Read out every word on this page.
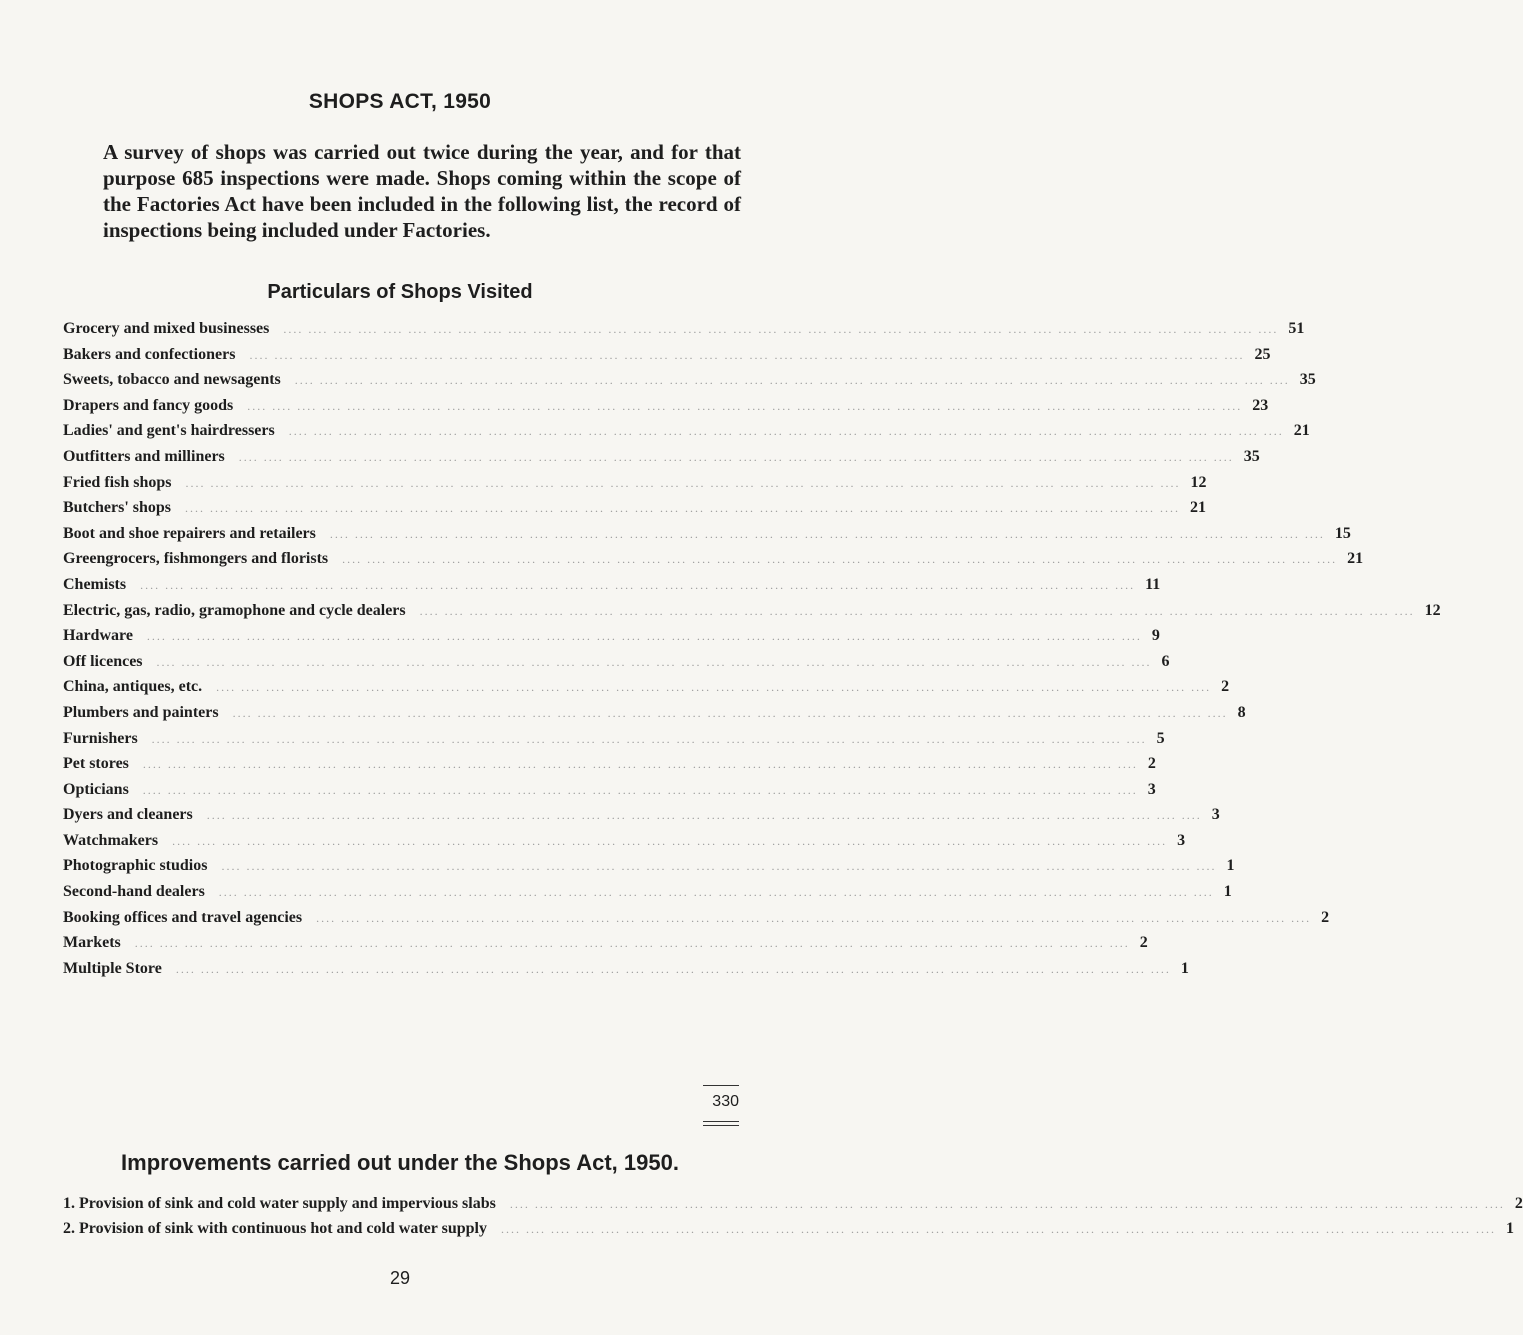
SHOPS ACT, 1950
A survey of shops was carried out twice during the year, and for that purpose 685 inspections were made. Shops coming within the scope of the Factories Act have been included in the following list, the record of inspections being included under Factories.
Particulars of Shops Visited
Grocery and mixed businesses .... .... .... .... .... .... .... .... .... .... .... .... .... .... .... .... .... .... .... .... .... .... .... .... .... .... .... .... .... .... .... .... .... .... .... .... .... .... .... .... 51
Bakers and confectioners .... .... .... .... .... .... .... .... .... .... .... .... .... .... .... .... .... .... .... .... .... .... .... .... .... .... .... .... .... .... .... .... .... .... .... .... .... .... .... .... 25
Sweets, tobacco and newsagents .... .... .... .... .... .... .... .... .... .... .... .... .... .... .... .... .... .... .... .... .... .... .... .... .... .... .... .... .... .... .... .... .... .... .... .... .... .... .... .... 35
Drapers and fancy goods .... .... .... .... .... .... .... .... .... .... .... .... .... .... .... .... .... .... .... .... .... .... .... .... .... .... .... .... .... .... .... .... .... .... .... .... .... .... .... .... 23
Ladies' and gent's hairdressers .... .... .... .... .... .... .... .... .... .... .... .... .... .... .... .... .... .... .... .... .... .... .... .... .... .... .... .... .... .... .... .... .... .... .... .... .... .... .... .... 21
Outfitters and milliners .... .... .... .... .... .... .... .... .... .... .... .... .... .... .... .... .... .... .... .... .... .... .... .... .... .... .... .... .... .... .... .... .... .... .... .... .... .... .... .... 35
Fried fish shops .... .... .... .... .... .... .... .... .... .... .... .... .... .... .... .... .... .... .... .... .... .... .... .... .... .... .... .... .... .... .... .... .... .... .... .... .... .... .... .... 12
Butchers' shops .... .... .... .... .... .... .... .... .... .... .... .... .... .... .... .... .... .... .... .... .... .... .... .... .... .... .... .... .... .... .... .... .... .... .... .... .... .... .... .... 21
Boot and shoe repairers and retailers .... .... .... .... .... .... .... .... .... .... .... .... .... .... .... .... .... .... .... .... .... .... .... .... .... .... .... .... .... .... .... .... .... .... .... .... .... .... .... .... 15
Greengrocers, fishmongers and florists .... .... .... .... .... .... .... .... .... .... .... .... .... .... .... .... .... .... .... .... .... .... .... .... .... .... .... .... .... .... .... .... .... .... .... .... .... .... .... .... 21
Chemists .... .... .... .... .... .... .... .... .... .... .... .... .... .... .... .... .... .... .... .... .... .... .... .... .... .... .... .... .... .... .... .... .... .... .... .... .... .... .... .... 11
Electric, gas, radio, gramophone and cycle dealers .... .... .... .... .... .... .... .... .... .... .... .... .... .... .... .... .... .... .... .... .... .... .... .... .... .... .... .... .... .... .... .... .... .... .... .... .... .... .... .... 12
Hardware .... .... .... .... .... .... .... .... .... .... .... .... .... .... .... .... .... .... .... .... .... .... .... .... .... .... .... .... .... .... .... .... .... .... .... .... .... .... .... .... 9
Off licences .... .... .... .... .... .... .... .... .... .... .... .... .... .... .... .... .... .... .... .... .... .... .... .... .... .... .... .... .... .... .... .... .... .... .... .... .... .... .... .... 6
China, antiques, etc. .... .... .... .... .... .... .... .... .... .... .... .... .... .... .... .... .... .... .... .... .... .... .... .... .... .... .... .... .... .... .... .... .... .... .... .... .... .... .... .... 2
Plumbers and painters .... .... .... .... .... .... .... .... .... .... .... .... .... .... .... .... .... .... .... .... .... .... .... .... .... .... .... .... .... .... .... .... .... .... .... .... .... .... .... .... 8
Furnishers .... .... .... .... .... .... .... .... .... .... .... .... .... .... .... .... .... .... .... .... .... .... .... .... .... .... .... .... .... .... .... .... .... .... .... .... .... .... .... .... 5
Pet stores .... .... .... .... .... .... .... .... .... .... .... .... .... .... .... .... .... .... .... .... .... .... .... .... .... .... .... .... .... .... .... .... .... .... .... .... .... .... .... .... 2
Opticians .... .... .... .... .... .... .... .... .... .... .... .... .... .... .... .... .... .... .... .... .... .... .... .... .... .... .... .... .... .... .... .... .... .... .... .... .... .... .... .... 3
Dyers and cleaners .... .... .... .... .... .... .... .... .... .... .... .... .... .... .... .... .... .... .... .... .... .... .... .... .... .... .... .... .... .... .... .... .... .... .... .... .... .... .... .... 3
Watchmakers .... .... .... .... .... .... .... .... .... .... .... .... .... .... .... .... .... .... .... .... .... .... .... .... .... .... .... .... .... .... .... .... .... .... .... .... .... .... .... .... 3
Photographic studios .... .... .... .... .... .... .... .... .... .... .... .... .... .... .... .... .... .... .... .... .... .... .... .... .... .... .... .... .... .... .... .... .... .... .... .... .... .... .... .... 1
Second-hand dealers .... .... .... .... .... .... .... .... .... .... .... .... .... .... .... .... .... .... .... .... .... .... .... .... .... .... .... .... .... .... .... .... .... .... .... .... .... .... .... .... 1
Booking offices and travel agencies .... .... .... .... .... .... .... .... .... .... .... .... .... .... .... .... .... .... .... .... .... .... .... .... .... .... .... .... .... .... .... .... .... .... .... .... .... .... .... .... 2
Markets .... .... .... .... .... .... .... .... .... .... .... .... .... .... .... .... .... .... .... .... .... .... .... .... .... .... .... .... .... .... .... .... .... .... .... .... .... .... .... .... 2
Multiple Store .... .... .... .... .... .... .... .... .... .... .... .... .... .... .... .... .... .... .... .... .... .... .... .... .... .... .... .... .... .... .... .... .... .... .... .... .... .... .... .... 1
330
Improvements carried out under the Shops Act, 1950.
1. Provision of sink and cold water supply and impervious slabs .... .... .... .... .... .... .... .... .... .... .... .... .... .... .... .... .... .... .... .... .... .... .... .... .... .... .... .... .... .... .... .... .... .... .... .... .... .... .... .... 2
2. Provision of sink with continuous hot and cold water supply .... .... .... .... .... .... .... .... .... .... .... .... .... .... .... .... .... .... .... .... .... .... .... .... .... .... .... .... .... .... .... .... .... .... .... .... .... .... .... .... 1
29
